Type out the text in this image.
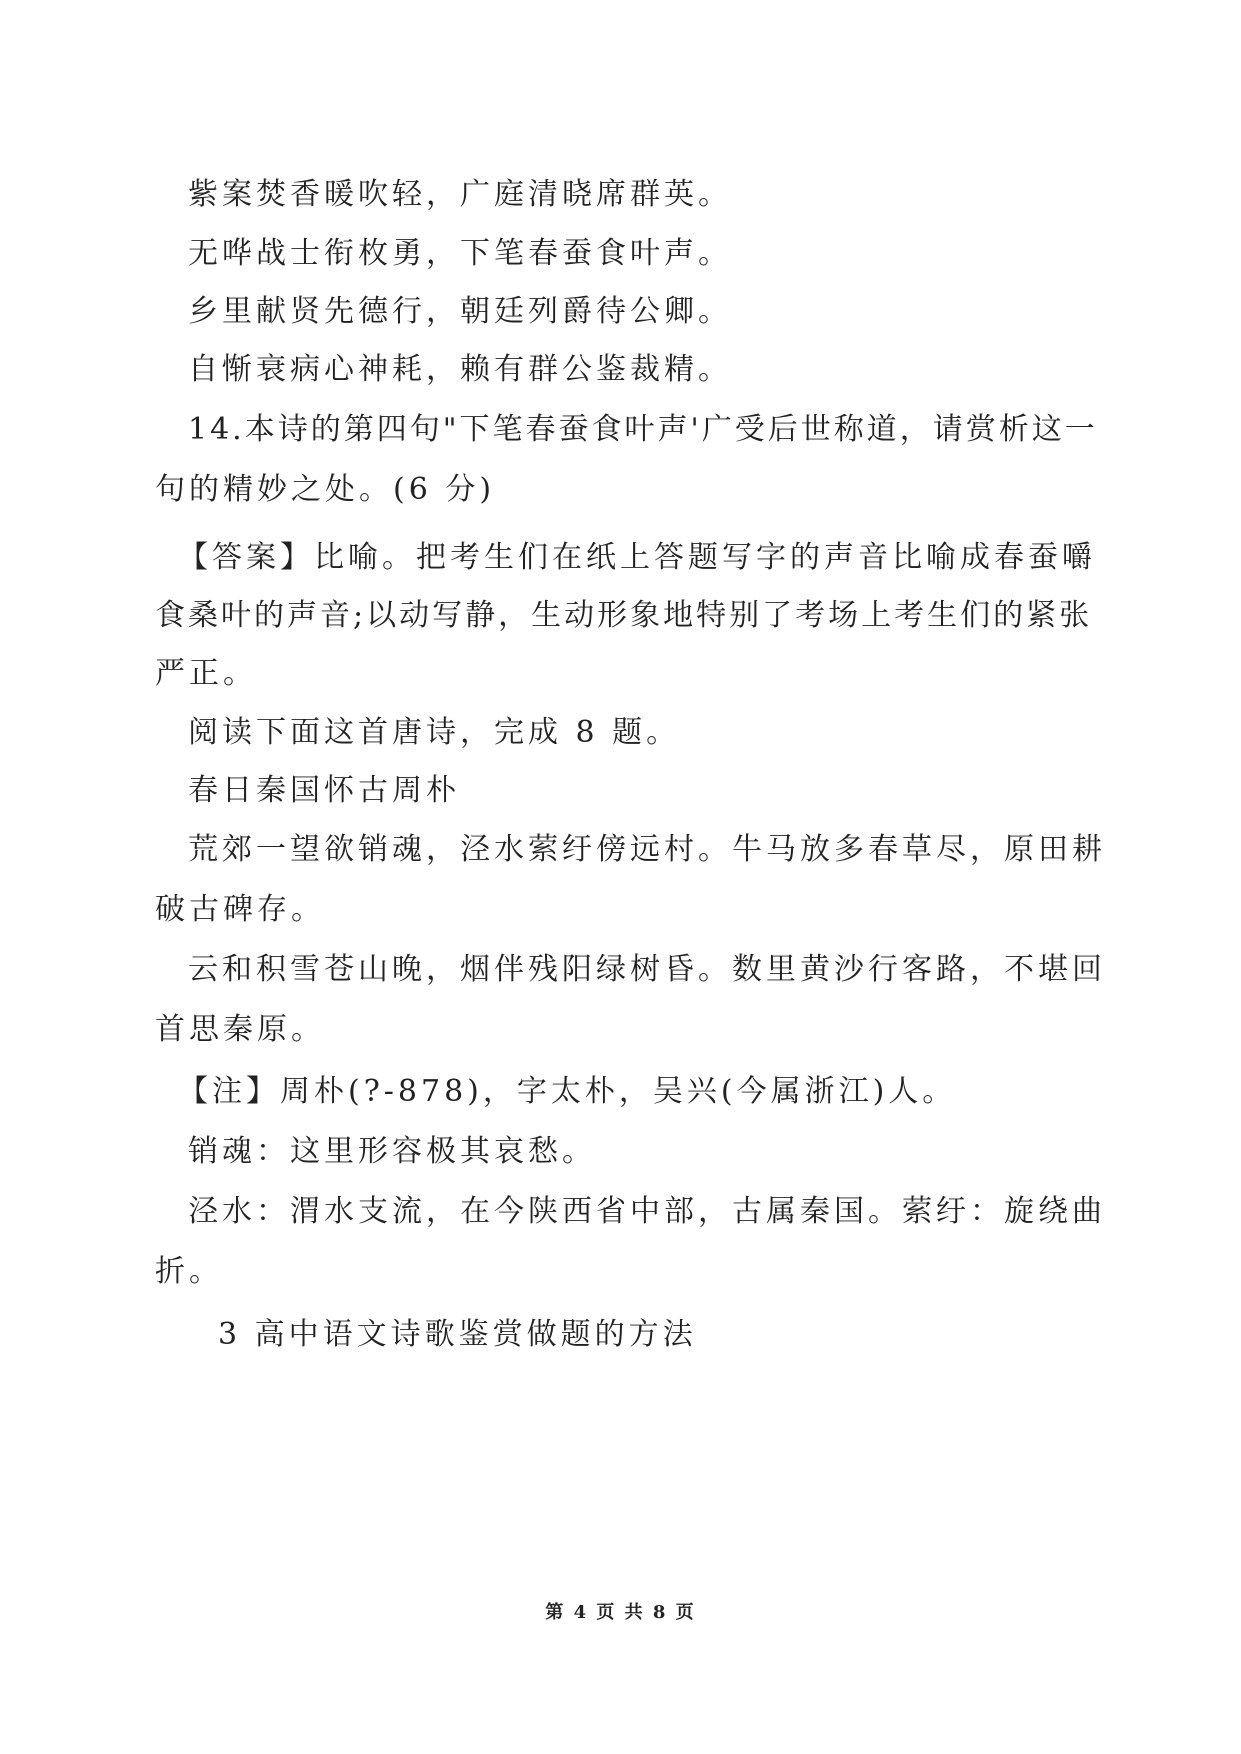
紫案焚香暖吹轻，广庭清晓席群英。
无哗战士衔枚勇，下笔春蚕食叶声。
乡里献贤先德行，朝廷列爵待公卿。
自惭衰病心神耗，赖有群公鉴裁精。
14.本诗的第四句"下笔春蚕食叶声'广受后世称道，请赏析这一
句的精妙之处。(6 分)
【答案】比喻。把考生们在纸上答题写字的声音比喻成春蚕嚼
食桑叶的声音;以动写静，生动形象地特别了考场上考生们的紧张
严正。
阅读下面这首唐诗，完成 8 题。
春日秦国怀古周朴
荒郊一望欲销魂，泾水萦纡傍远村。牛马放多春草尽，原田耕
破古碑存。
云和积雪苍山晚，烟伴残阳绿树昏。数里黄沙行客路，不堪回
首思秦原。
【注】周朴(?-878)，字太朴，吴兴(今属浙江)人。
销魂：这里形容极其哀愁。
泾水：渭水支流，在今陕西省中部，古属秦国。萦纡：旋绕曲
折。
3 高中语文诗歌鉴赏做题的方法
第 4 页 共 8 页
